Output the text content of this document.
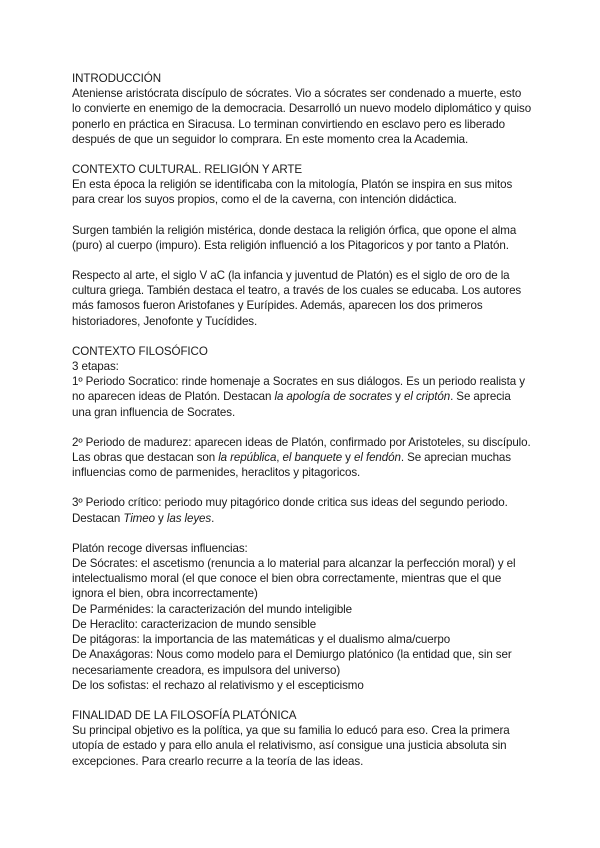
INTRODUCCIÓN

Ateniense aristócrata discípulo de sócrates. Vio a sócrates ser condenado a muerte, esto lo convierte en enemigo de la democracia. Desarrolló un nuevo modelo diplomático y quiso ponerlo en práctica en Siracusa. Lo terminan convirtiendo en esclavo pero es liberado después de que un seguidor lo comprara. En este momento crea la Academia.

CONTEXTO CULTURAL. RELIGIÓN Y ARTE

En esta época la religión se identificaba con la mitología, Platón se inspira en sus mitos para crear los suyos propios, como el de la caverna, con intención didáctica.

Surgen también la religión mistérica, donde destaca la religión órfica, que opone el alma (puro) al cuerpo (impuro). Esta religión influenció a los Pitagoricos y por tanto a Platón.

Respecto al arte, el siglo V aC (la infancia y juventud de Platón) es el siglo de oro de la cultura griega. También destaca el teatro, a través de los cuales se educaba. Los autores más famosos fueron Aristofanes y Eurípides. Además, aparecen los dos primeros historiadores, Jenofonte y Tucídides.

CONTEXTO FILOSÓFICO

3 etapas:

1º Periodo Socratico: rinde homenaje a Socrates en sus diálogos. Es un periodo realista y no aparecen ideas de Platón. Destacan la apología de socrates y el criptón. Se aprecia una gran influencia de Socrates.

2º Periodo de madurez: aparecen ideas de Platón, confirmado por Aristoteles, su discípulo. Las obras que destacan son la república, el banquete y el fendón. Se aprecian muchas influencias como de parmenides, heraclitos y pitagoricos.

3º Periodo crítico: periodo muy pitagórico donde critica sus ideas del segundo periodo. Destacan Timeo y las leyes.

Platón recoge diversas influencias:

De Sócrates: el ascetismo (renuncia a lo material para alcanzar la perfección moral) y el intelectualismo moral (el que conoce el bien obra correctamente, mientras que el que ignora el bien, obra incorrectamente)

De Parménides: la caracterización del mundo inteligible

De Heraclito: caracterizacion de mundo sensible

De pitágoras: la importancia de las matemáticas y el dualismo alma/cuerpo

De Anaxágoras: Nous como modelo para el Demiurgo platónico (la entidad que, sin ser necesariamente creadora, es impulsora del universo)

De los sofistas: el rechazo al relativismo y el escepticismo

FINALIDAD DE LA FILOSOFÍA PLATÓNICA

Su principal objetivo es la política, ya que su familia lo educó para eso. Crea la primera utopía de estado y para ello anula el relativismo, así consigue una justicia absoluta sin excepciones. Para crearlo recurre a la teoría de las ideas.
